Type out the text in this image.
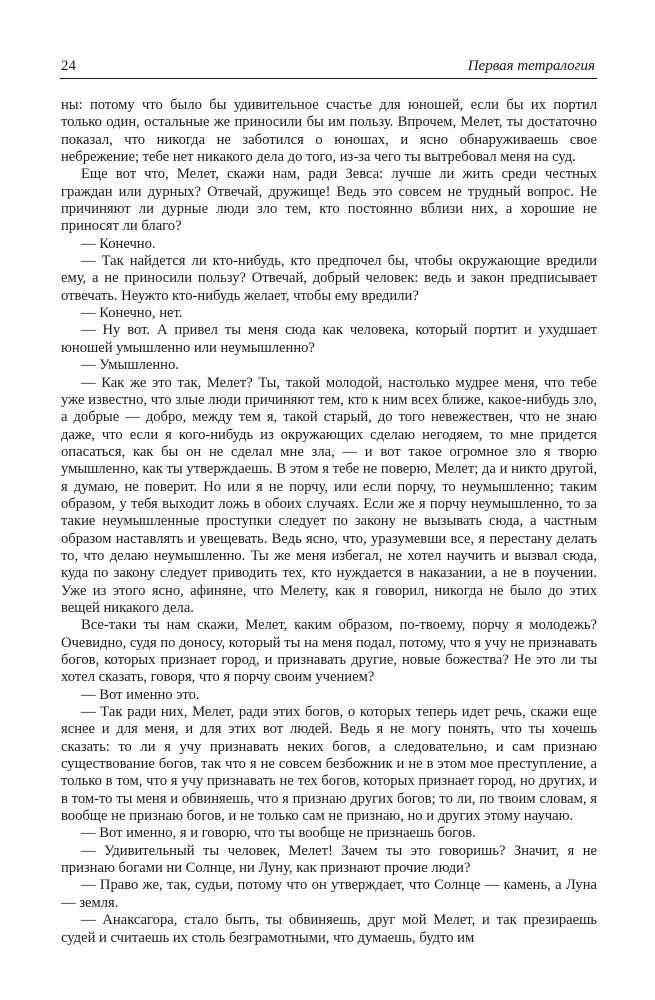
24	Первая тетралогия

ны: потому что было бы удивительное счастье для юношей, если бы их портил только один, остальные же приносили бы им пользу. Впрочем, Мелет, ты достаточно показал, что никогда не заботился о юношах, и ясно обнаруживаешь свое небрежение; тебе нет никакого дела до того, из-за чего ты вытребовал меня на суд.

Еще вот что, Мелет, скажи нам, ради Зевса: лучше ли жить среди честных граждан или дурных? Отвечай, дружище! Ведь это совсем не трудный вопрос. Не причиняют ли дурные люди зло тем, кто постоянно вблизи них, а хорошие не приносят ли благо?

— Конечно.

— Так найдется ли кто-нибудь, кто предпочел бы, чтобы окружающие вредили ему, а не приносили пользу? Отвечай, добрый человек: ведь и закон предписывает отвечать. Неужто кто-нибудь желает, чтобы ему вредили?

— Конечно, нет.

— Ну вот. А привел ты меня сюда как человека, который портит и ухудшает юношей умышленно или неумышленно?

— Умышленно.

— Как же это так, Мелет? Ты, такой молодой, настолько мудрее меня, что тебе уже известно, что злые люди причиняют тем, кто к ним всех ближе, какое-нибудь зло, а добрые — добро, между тем я, такой старый, до того невежествен, что не знаю даже, что если я кого-нибудь из окружающих сделаю негодяем, то мне придется опасаться, как бы он не сделал мне зла, — и вот такое огромное зло я творю умышленно, как ты утверждаешь. В этом я тебе не поверю, Мелет; да и никто другой, я думаю, не поверит. Но или я не порчу, или если порчу, то неумышленно; таким образом, у тебя выходит ложь в обоих случаях. Если же я порчу неумышленно, то за такие неумышленные проступки следует по закону не вызывать сюда, а частным образом наставлять и увещевать. Ведь ясно, что, уразумевши все, я перестану делать то, что делаю неумышленно. Ты же меня избегал, не хотел научить и вызвал сюда, куда по закону следует приводить тех, кто нуждается в наказании, а не в поучении. Уже из этого ясно, афиняне, что Мелету, как я говорил, никогда не было до этих вещей никакого дела.

Все-таки ты нам скажи, Мелет, каким образом, по-твоему, порчу я молодежь? Очевидно, судя по доносу, который ты на меня подал, потому, что я учу не признавать богов, которых признает город, и признавать другие, новые божества? Не это ли ты хотел сказать, говоря, что я порчу своим учением?

— Вот именно это.

— Так ради них, Мелет, ради этих богов, о которых теперь идет речь, скажи еще яснее и для меня, и для этих вот людей. Ведь я не могу понять, что ты хочешь сказать: то ли я учу признавать неких богов, а следовательно, и сам признаю существование богов, так что я не совсем безбожник и не в этом мое преступление, а только в том, что я учу признавать не тех богов, которых признает город, но других, и в том-то ты меня и обвиняешь, что я признаю других богов; то ли, по твоим словам, я вообще не признаю богов, и не только сам не признаю, но и других этому научаю.

— Вот именно, я и говорю, что ты вообще не признаешь богов.

— Удивительный ты человек, Мелет! Зачем ты это говоришь? Значит, я не признаю богами ни Солнце, ни Луну, как признают прочие люди?

— Право же, так, судьи, потому что он утверждает, что Солнце — камень, а Луна — земля.

— Анаксагора, стало быть, ты обвиняешь, друг мой Мелет, и так презираешь судей и считаешь их столь безграмотными, что думаешь, будто им
